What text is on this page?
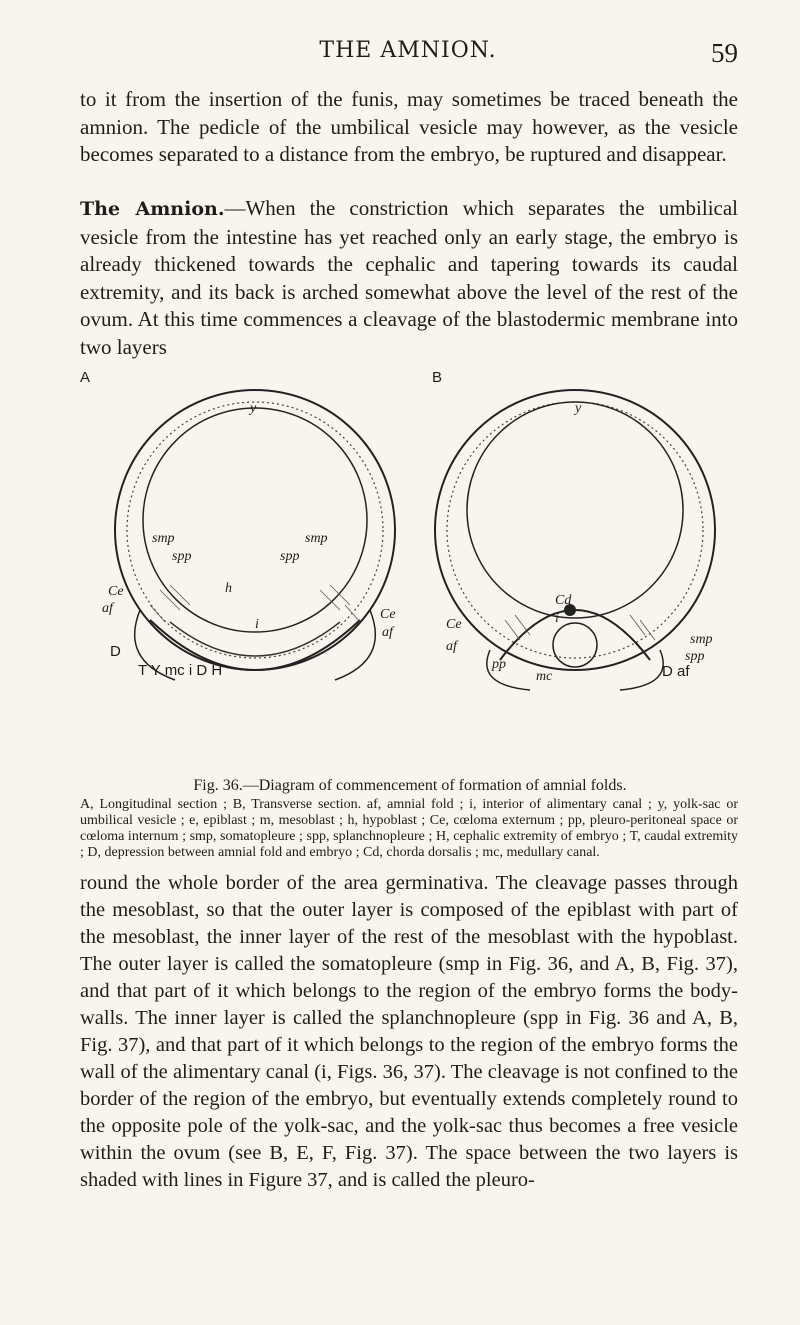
THE AMNION.	59

to it from the insertion of the funis, may sometimes be traced beneath the amnion. The pedicle of the umbilical vesicle may however, as the vesicle becomes separated to a distance from the embryo, be ruptured and disappear.

The Amnion.—When the constriction which separates the umbilical vesicle from the intestine has yet reached only an early stage, the embryo is already thickened towards the cephalic and tapering towards its caudal extremity, and its back is arched somewhat above the level of the rest of the ovum. At this time commences a cleavage of the blastodermic membrane into two layers

A
y
smp	smp
spp	spp
h
i
Ce
Ce
af
af
D
T Y mc i D H
B
y
Cd
i
Ce
af
pp
smp
spp
mc	D af
Fig. 36.—Diagram of commencement of formation of amnial folds.

A, Longitudinal section ; B, Transverse section. af, amnial fold ; i, interior of alimentary canal ; y, yolk-sac or umbilical vesicle ; e, epiblast ; m, mesoblast ; h, hypoblast ; Ce, cœloma externum ; pp, pleuro-peritoneal space or cœloma internum ; smp, somatopleure ; spp, splanchnopleure ; H, cephalic extremity of embryo ; T, caudal extremity ; D, depression between amnial fold and embryo ; Cd, chorda dorsalis ; mc, medullary canal.

round the whole border of the area germinativa. The cleavage passes through the mesoblast, so that the outer layer is composed of the epiblast with part of the mesoblast, the inner layer of the rest of the mesoblast with the hypoblast. The outer layer is called the somatopleure (smp in Fig. 36, and A, B, Fig. 37), and that part of it which belongs to the region of the embryo forms the body-walls. The inner layer is called the splanchnopleure (spp in Fig. 36 and A, B, Fig. 37), and that part of it which belongs to the region of the embryo forms the wall of the alimentary canal (i, Figs. 36, 37). The cleavage is not confined to the border of the region of the embryo, but eventually extends completely round to the opposite pole of the yolk-sac, and the yolk-sac thus becomes a free vesicle within the ovum (see B, E, F, Fig. 37). The space between the two layers is shaded with lines in Figure 37, and is called the pleuro-
